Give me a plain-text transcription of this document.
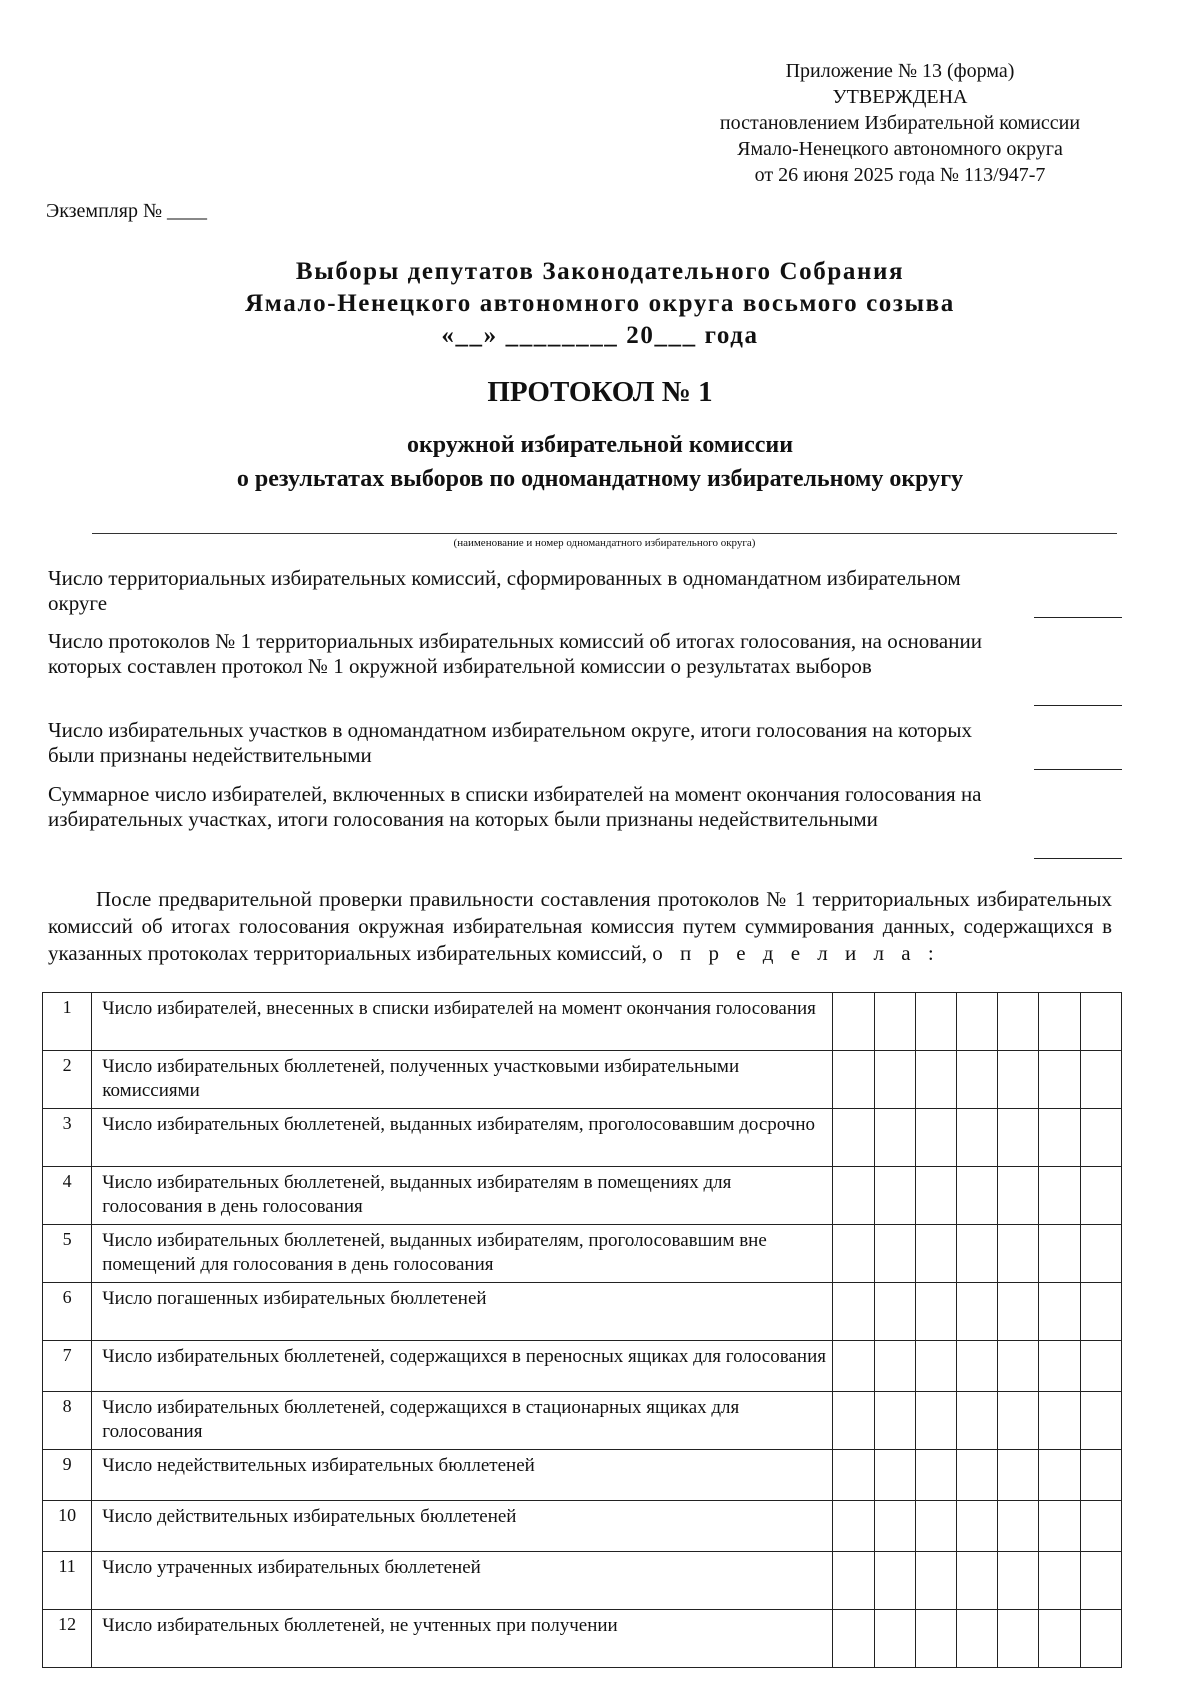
Приложение № 13 (форма)
УТВЕРЖДЕНА
постановлением Избирательной комиссии
Ямало-Ненецкого автономного округа
от 26 июня 2025 года № 113/947-7
Экземпляр № ____
Выборы депутатов Законодательного Собрания
Ямало-Ненецкого автономного округа восьмого созыва
«__» ________ 20___ года
ПРОТОКОЛ № 1
окружной избирательной комиссии
о результатах выборов по одномандатному избирательному округу
(наименование и номер одномандатного избирательного округа)
Число территориальных избирательных комиссий, сформированных в одномандатном избирательном округе
Число протоколов № 1 территориальных избирательных комиссий об итогах голосования, на основании которых составлен протокол № 1 окружной избирательной комиссии о результатах выборов
Число избирательных участков в одномандатном избирательном округе, итоги голосования на которых были признаны недействительными
Суммарное число избирателей, включенных в списки избирателей на момент окончания голосования на избирательных участках, итоги голосования на которых были признаны недействительными
После предварительной проверки правильности составления протоколов № 1 территориальных избирательных комиссий об итогах голосования окружная избирательная комиссия путем суммирования данных, содержащихся в указанных протоколах территориальных избирательных комиссий, о п р е д е л и л а :
1	Число избирателей, внесенных в списки избирателей на момент окончания голосования							
2	Число избирательных бюллетеней, полученных участковыми избирательными комиссиями							
3	Число избирательных бюллетеней, выданных избирателям, проголосовавшим досрочно							
4	Число избирательных бюллетеней, выданных избирателям в помещениях для голосования в день голосования							
5	Число избирательных бюллетеней, выданных избирателям, проголосовавшим вне помещений для голосования в день голосования							
6	Число погашенных избирательных бюллетеней							
7	Число избирательных бюллетеней, содержащихся в переносных ящиках для голосования							
8	Число избирательных бюллетеней, содержащихся в стационарных ящиках для голосования							
9	Число недействительных избирательных бюллетеней							
10	Число действительных избирательных бюллетеней							
11	Число утраченных избирательных бюллетеней							
12	Число избирательных бюллетеней, не учтенных при получении							
